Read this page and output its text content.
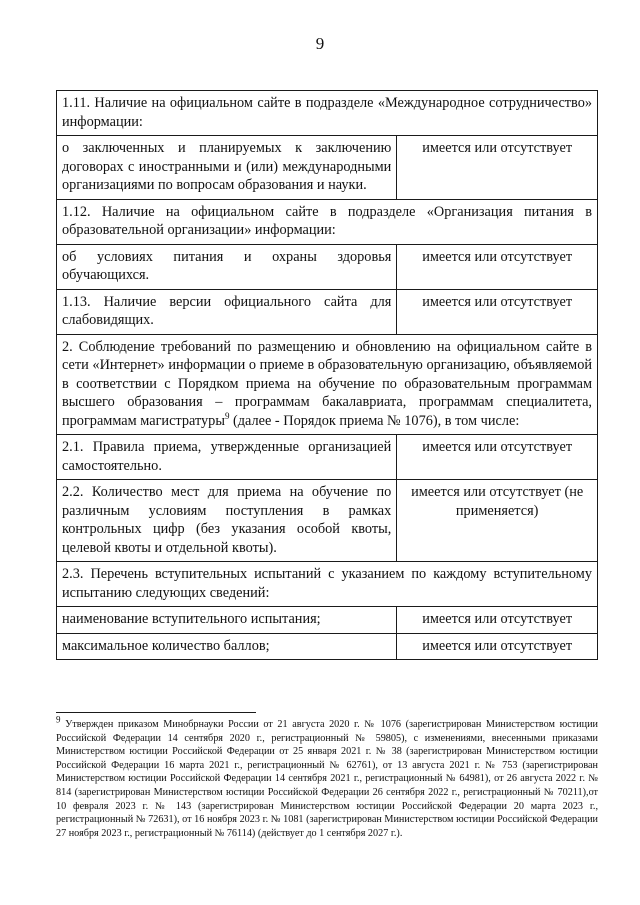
9
1.11. Наличие на официальном сайте в подразделе «Международное сотрудничество» информации:	
о заключенных и планируемых к заключению договорах с иностранными и (или) международными организациями по вопросам образования и науки.	имеется или отсутствует
1.12. Наличие на официальном сайте в подразделе «Организация питания в образовательной организации» информации:	
об условиях питания и охраны здоровья обучающихся.	имеется или отсутствует
1.13. Наличие версии официального сайта для слабовидящих.	имеется или отсутствует
2. Соблюдение требований по размещению и обновлению на официальном сайте в сети «Интернет» информации о приеме в образовательную организацию, объявляемой в соответствии с Порядком приема на обучение по образовательным программам высшего образования – программам бакалавриата, программам специалитета, программам магистратуры$^9$ (далее - Порядок приема № 1076), в том числе:	
2.1. Правила приема, утвержденные организацией самостоятельно.	имеется или отсутствует
2.2. Количество мест для приема на обучение по различным условиям поступления в рамках контрольных цифр (без указания особой квоты, целевой квоты и отдельной квоты).	имеется или отсутствует (не применяется)
2.3. Перечень вступительных испытаний с указанием по каждому вступительному испытанию следующих сведений:	
наименование вступительного испытания;	имеется или отсутствует
максимальное количество баллов;	имеется или отсутствует
$^9$ Утвержден приказом Минобрнауки России от 21 августа 2020 г. № 1076 (зарегистрирован Министерством юстиции Российской Федерации 14 сентября 2020 г., регистрационный № 59805), с изменениями, внесенными приказами Министерством юстиции Российской Федерации от 25 января 2021 г. № 38 (зарегистрирован Министерством юстиции Российской Федерации 16 марта 2021 г., регистрационный № 62761), от 13 августа 2021 г. № 753 (зарегистрирован Министерством юстиции Российской Федерации 14 сентября 2021 г., регистрационный № 64981), от 26 августа 2022 г. № 814 (зарегистрирован Министерством юстиции Российской Федерации 26 сентября 2022 г., регистрационный № 70211),от 10 февраля 2023 г. № 143 (зарегистрирован Министерством юстиции Российской Федерации 20 марта 2023 г., регистрационный № 72631), от 16 ноября 2023 г. № 1081 (зарегистрирован Министерством юстиции Российской Федерации 27 ноября 2023 г., регистрационный № 76114) (действует до 1 сентября 2027 г.).
